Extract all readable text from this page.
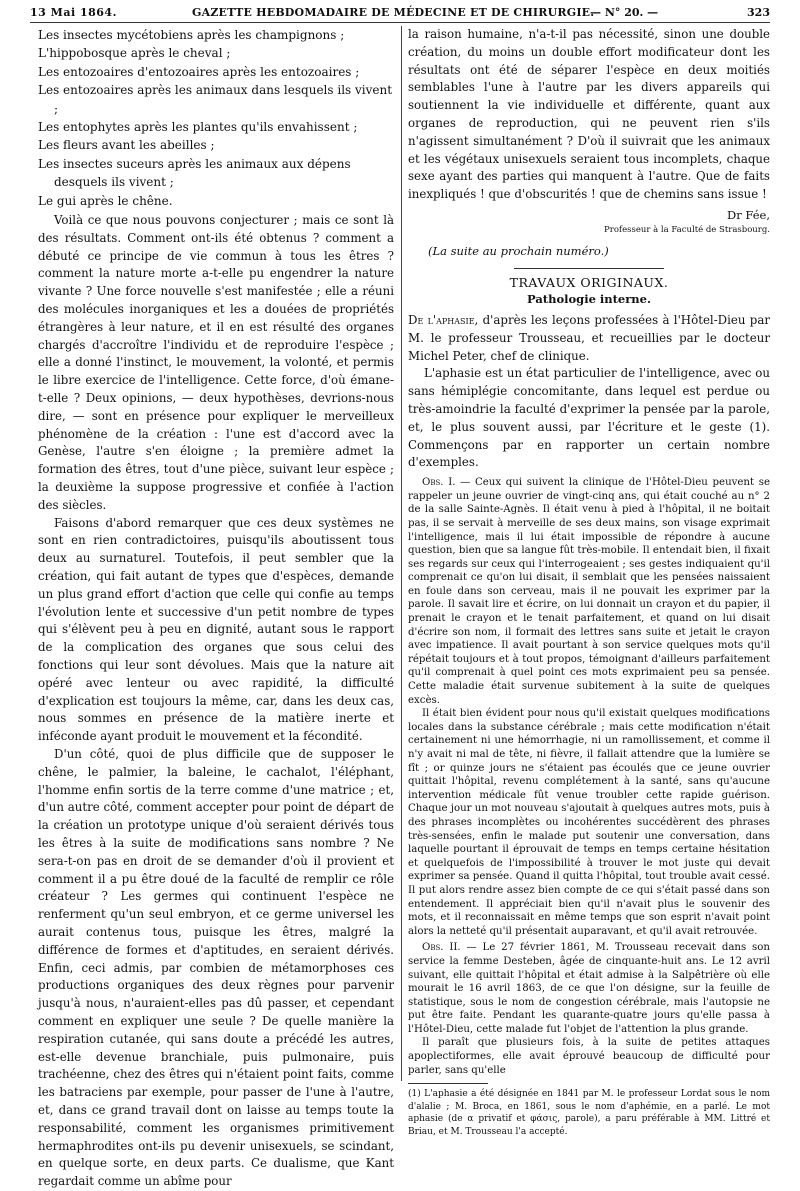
13 Mai 1864.	GAZETTE HEBDOMADAIRE DE MÉDECINE ET DE CHIRURGIE.
— N° 20. —	323

Les insectes mycétobiens après les champignons ;

L'hippobosque après le cheval ;

Les entozoaires d'entozoaires après les entozoaires ;

Les entozoaires après les animaux dans lesquels ils vivent ;

Les entophytes après les plantes qu'ils envahissent ;

Les fleurs avant les abeilles ;

Les insectes suceurs après les animaux aux dépens desquels ils vivent ;

Le gui après le chêne.

Voilà ce que nous pouvons conjecturer ; mais ce sont là des résultats. Comment ont-ils été obtenus ? comment a débuté ce principe de vie commun à tous les êtres ? comment la nature morte a-t-elle pu engendrer la nature vivante ? Une force nouvelle s'est manifestée ; elle a réuni des molécules inorganiques et les a douées de propriétés étrangères à leur nature, et il en est résulté des organes chargés d'accroître l'individu et de reproduire l'espèce ; elle a donné l'instinct, le mouvement, la volonté, et permis le libre exercice de l'intelligence. Cette force, d'où émane-t-elle ? Deux opinions, — deux hypothèses, devrions-nous dire, — sont en présence pour expliquer le merveilleux phénomène de la création : l'une est d'accord avec la Genèse, l'autre s'en éloigne ; la première admet la formation des êtres, tout d'une pièce, suivant leur espèce ; la deuxième la suppose progressive et confiée à l'action des siècles.

Faisons d'abord remarquer que ces deux systèmes ne sont en rien contradictoires, puisqu'ils aboutissent tous deux au surnaturel. Toutefois, il peut sembler que la création, qui fait autant de types que d'espèces, demande un plus grand effort d'action que celle qui confie au temps l'évolution lente et successive d'un petit nombre de types qui s'élèvent peu à peu en dignité, autant sous le rapport de la complication des organes que sous celui des fonctions qui leur sont dévolues. Mais que la nature ait opéré avec lenteur ou avec rapidité, la difficulté d'explication est toujours la même, car, dans les deux cas, nous sommes en présence de la matière inerte et inféconde ayant produit le mouvement et la fécondité.

D'un côté, quoi de plus difficile que de supposer le chêne, le palmier, la baleine, le cachalot, l'éléphant, l'homme enfin sortis de la terre comme d'une matrice ; et, d'un autre côté, comment accepter pour point de départ de la création un prototype unique d'où seraient dérivés tous les êtres à la suite de modifications sans nombre ? Ne sera-t-on pas en droit de se demander d'où il provient et comment il a pu être doué de la faculté de remplir ce rôle créateur ? Les germes qui continuent l'espèce ne renferment qu'un seul embryon, et ce germe universel les aurait contenus tous, puisque les êtres, malgré la différence de formes et d'aptitudes, en seraient dérivés. Enfin, ceci admis, par combien de métamorphoses ces productions organiques des deux règnes pour parvenir jusqu'à nous, n'auraient-elles pas dû passer, et cependant comment en expliquer une seule ? De quelle manière la respiration cutanée, qui sans doute a précédé les autres, est-elle devenue branchiale, puis pulmonaire, puis trachéenne, chez des êtres qui n'étaient point faits, comme les batraciens par exemple, pour passer de l'une à l'autre, et, dans ce grand travail dont on laisse au temps toute la responsabilité, comment les organismes primitivement hermaphrodites ont-ils pu devenir unisexuels, se scindant, en quelque sorte, en deux parts. Ce dualisme, que Kant regardait comme un abîme pour

la raison humaine, n'a-t-il pas nécessité, sinon une double création, du moins un double effort modificateur dont les résultats ont été de séparer l'espèce en deux moitiés semblables l'une à l'autre par les divers appareils qui soutiennent la vie individuelle et différente, quant aux organes de reproduction, qui ne peuvent rien s'ils n'agissent simultanément ? D'où il suivrait que les animaux et les végétaux unisexuels seraient tous incomplets, chaque sexe ayant des parties qui manquent à l'autre. Que de faits inexpliqués ! que d'obscurités ! que de chemins sans issue !

Dr Fée,
Professeur à la Faculté de Strasbourg.

(La suite au prochain numéro.)

TRAVAUX ORIGINAUX.
Pathologie interne.

De l'aphasie, d'après les leçons professées à l'Hôtel-Dieu par M. le professeur Trousseau, et recueillies par le docteur Michel Peter, chef de clinique.

L'aphasie est un état particulier de l'intelligence, avec ou sans hémiplégie concomitante, dans lequel est perdue ou très-amoindrie la faculté d'exprimer la pensée par la parole, et, le plus souvent aussi, par l'écriture et le geste (1). Commençons par en rapporter un certain nombre d'exemples.

Obs. I. — Ceux qui suivent la clinique de l'Hôtel-Dieu peuvent se rappeler un jeune ouvrier de vingt-cinq ans, qui était couché au n° 2 de la salle Sainte-Agnès. Il était venu à pied à l'hôpital, il ne boitait pas, il se servait à merveille de ses deux mains, son visage exprimait l'intelligence, mais il lui était impossible de répondre à aucune question, bien que sa langue fût très-mobile. Il entendait bien, il fixait ses regards sur ceux qui l'interrogeaient ; ses gestes indiquaient qu'il comprenait ce qu'on lui disait, il semblait que les pensées naissaient en foule dans son cerveau, mais il ne pouvait les exprimer par la parole. Il savait lire et écrire, on lui donnait un crayon et du papier, il prenait le crayon et le tenait parfaitement, et quand on lui disait d'écrire son nom, il formait des lettres sans suite et jetait le crayon avec impatience. Il avait pourtant à son service quelques mots qu'il répétait toujours et à tout propos, témoignant d'ailleurs parfaitement qu'il comprenait à quel point ces mots exprimaient peu sa pensée. Cette maladie était survenue subitement à la suite de quelques excès.

Il était bien évident pour nous qu'il existait quelques modifications locales dans la substance cérébrale ; mais cette modification n'était certainement ni une hémorrhagie, ni un ramollissement, et comme il n'y avait ni mal de tête, ni fièvre, il fallait attendre que la lumière se fît ; or quinze jours ne s'étaient pas écoulés que ce jeune ouvrier quittait l'hôpital, revenu complétement à la santé, sans qu'aucune intervention médicale fût venue troubler cette rapide guérison. Chaque jour un mot nouveau s'ajoutait à quelques autres mots, puis à des phrases incomplètes ou incohérentes succédèrent des phrases très-sensées, enfin le malade put soutenir une conversation, dans laquelle pourtant il éprouvait de temps en temps certaine hésitation et quelquefois de l'impossibilité à trouver le mot juste qui devait exprimer sa pensée. Quand il quitta l'hôpital, tout trouble avait cessé. Il put alors rendre assez bien compte de ce qui s'était passé dans son entendement. Il appréciait bien qu'il n'avait plus le souvenir des mots, et il reconnaissait en même temps que son esprit n'avait point alors la netteté qu'il présentait auparavant, et qu'il avait retrouvée.

Obs. II. — Le 27 février 1861, M. Trousseau recevait dans son service la femme Desteben, âgée de cinquante-huit ans. Le 12 avril suivant, elle quittait l'hôpital et était admise à la Salpêtrière où elle mourait le 16 avril 1863, de ce que l'on désigne, sur la feuille de statistique, sous le nom de congestion cérébrale, mais l'autopsie ne put être faite. Pendant les quarante-quatre jours qu'elle passa à l'Hôtel-Dieu, cette malade fut l'objet de l'attention la plus grande.

Il paraît que plusieurs fois, à la suite de petites attaques apoplectiformes, elle avait éprouvé beaucoup de difficulté pour parler, sans qu'elle

(1) L'aphasie a été désignée en 1841 par M. le professeur Lordat sous le nom d'alalie ; M. Broca, en 1861, sous le nom d'aphémie, en a parlé. Le mot aphasie (de α privatif et φάσις, parole), a paru préférable à MM. Littré et Briau, et M. Trousseau l'a accepté.
